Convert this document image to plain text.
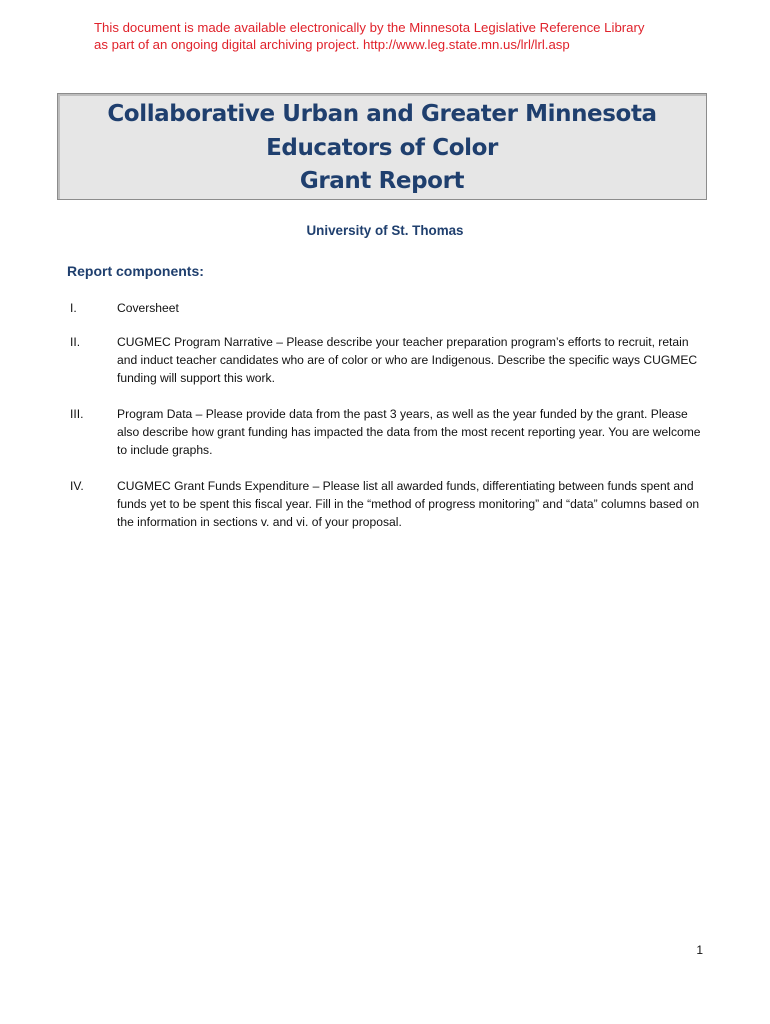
This document is made available electronically by the Minnesota Legislative Reference Library
as part of an ongoing digital archiving project. http://www.leg.state.mn.us/lrl/lrl.asp
Collaborative Urban and Greater Minnesota
Educators of Color
Grant Report
University of St. Thomas
Report components:
I.	Coversheet
II.	CUGMEC Program Narrative – Please describe your teacher preparation program’s efforts to recruit, retain and induct teacher candidates who are of color or who are Indigenous. Describe the specific ways CUGMEC funding will support this work.
III.	Program Data – Please provide data from the past 3 years, as well as the year funded by the grant. Please also describe how grant funding has impacted the data from the most recent reporting year. You are welcome to include graphs.
IV.	CUGMEC Grant Funds Expenditure – Please list all awarded funds, differentiating between funds spent and funds yet to be spent this fiscal year. Fill in the “method of progress monitoring” and “data” columns based on the information in sections v. and vi. of your proposal.
1
